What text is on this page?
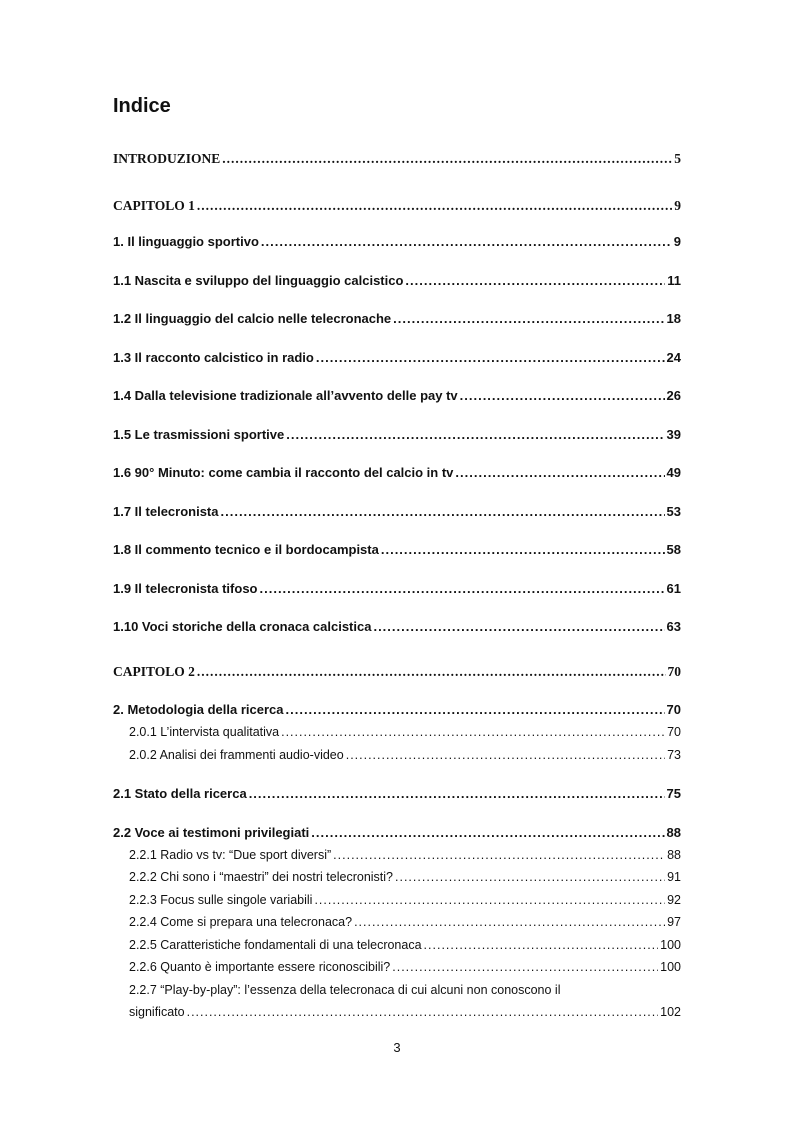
Indice
INTRODUZIONE .....	5
CAPITOLO 1 .....	9
1. Il linguaggio sportivo .....	9
1.1 Nascita e sviluppo del linguaggio calcistico .....	11
1.2 Il linguaggio del calcio nelle telecronache .....	18
1.3 Il racconto calcistico in radio .....	24
1.4 Dalla televisione tradizionale all’avvento delle pay tv .....	26
1.5 Le trasmissioni sportive .....	39
1.6 90° Minuto: come cambia il racconto del calcio in tv .....	49
1.7 Il telecronista .....	53
1.8 Il commento tecnico e il bordocampista .....	58
1.9 Il telecronista tifoso .....	61
1.10 Voci storiche della cronaca calcistica .....	63
CAPITOLO 2 .....	70
2. Metodologia della ricerca .....	70
2.0.1 L’intervista qualitativa .....	70
2.0.2 Analisi dei frammenti audio-video .....	73
2.1 Stato della ricerca .....	75
2.2 Voce ai testimoni privilegiati .....	88
2.2.1 Radio vs tv: “Due sport diversi” .....	88
2.2.2 Chi sono i “maestri” dei nostri telecronisti? .....	91
2.2.3 Focus sulle singole variabili .....	92
2.2.4 Come si prepara una telecronaca? .....	97
2.2.5 Caratteristiche fondamentali di una telecronaca .....	100
2.2.6 Quanto è importante essere riconoscibili? .....	100
2.2.7 “Play-by-play”: l’essenza della telecronaca di cui alcuni non conoscono il
significato .....	102
3
